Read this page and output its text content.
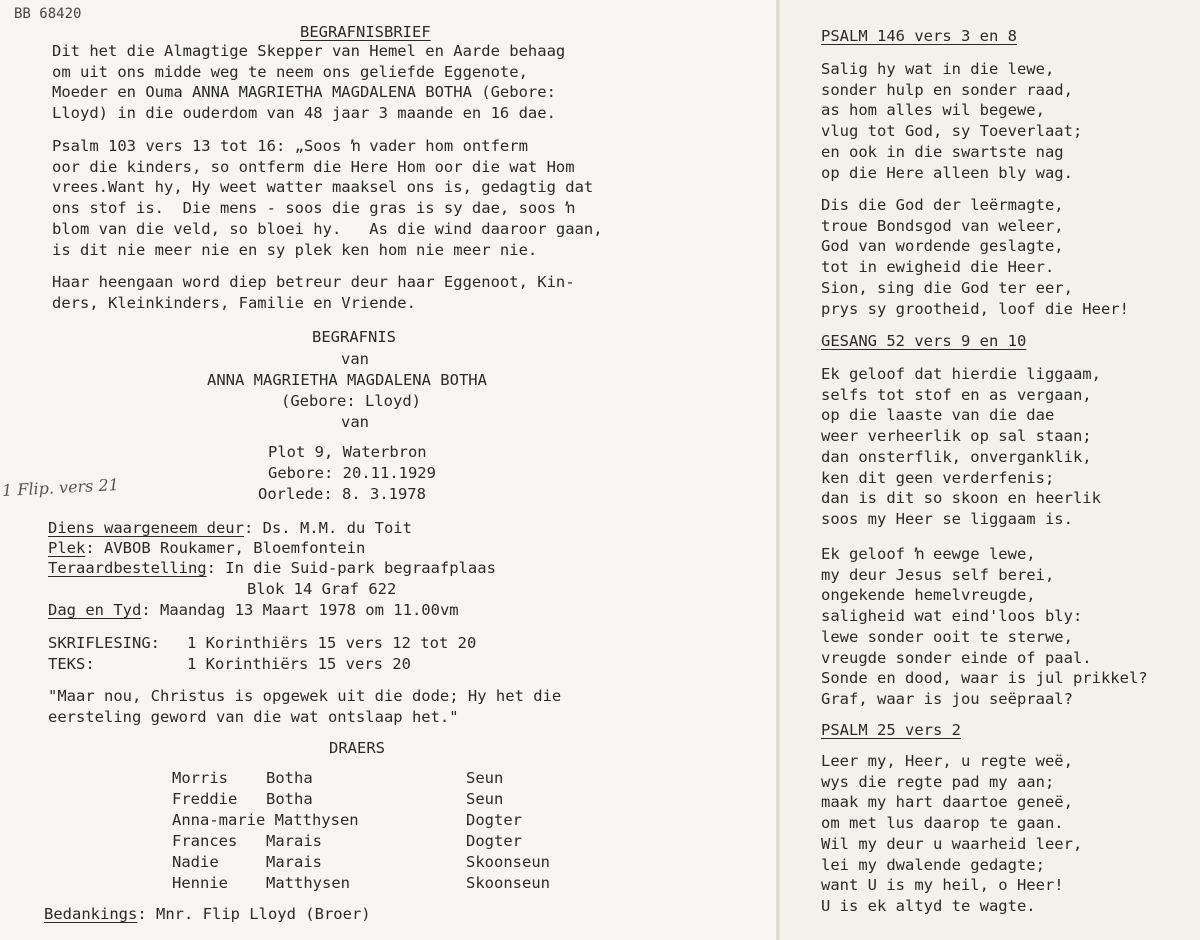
BB 68420
1 Flip. vers 21
BEGRAFNISBRIEF
Dit het die Almagtige Skepper van Hemel en Aarde behaag
om uit ons midde weg te neem ons geliefde Eggenote,
Moeder en Ouma ANNA MAGRIETHA MAGDALENA BOTHA (Gebore:
Lloyd) in die ouderdom van 48 jaar 3 maande en 16 dae.
Psalm 103 vers 13 tot 16: „Soos ŉ vader hom ontferm
oor die kinders, so ontferm die Here Hom oor die wat Hom
vrees.Want hy, Hy weet watter maaksel ons is, gedagtig dat
ons stof is.  Die mens - soos die gras is sy dae, soos ŉ
blom van die veld, so bloei hy.   As die wind daaroor gaan,
is dit nie meer nie en sy plek ken hom nie meer nie.
Haar heengaan word diep betreur deur haar Eggenoot, Kin-
ders, Kleinkinders, Familie en Vriende.
BEGRAFNIS
van
ANNA MAGRIETHA MAGDALENA BOTHA
(Gebore: Lloyd)
van
Plot 9, Waterbron
Gebore: 20.11.1929
Oorlede: 8. 3.1978
Diens waargeneem deur: Ds. M.M. du Toit
Plek: AVBOB Roukamer, Bloemfontein
Teraardbestelling: In die Suid-park begraafplaas
Blok 14 Graf 622
Dag en Tyd: Maandag 13 Maart 1978 om 11.00vm
SKRIFLESING: 1 Korinthiërs 15 vers 12 tot 20
TEKS:	1 Korinthiërs 15 vers 20
"Maar nou, Christus is opgewek uit die dode; Hy het die
eersteling geword van die wat ontslaap het."
DRAERS
Morris	Botha	Seun
Freddie	Botha	Seun
Anna-marie Matthysen		Dogter
Frances	Marais	Dogter
Nadie	Marais	Skoonseun
Hennie	Matthysen	Skoonseun
Bedankings: Mnr. Flip Lloyd (Broer)
PSALM 146 vers 3 en 8
Salig hy wat in die lewe,
sonder hulp en sonder raad,
as hom alles wil begewe,
vlug tot God, sy Toeverlaat;
en ook in die swartste nag
op die Here alleen bly wag.
Dis die God der leërmagte,
troue Bondsgod van weleer,
God van wordende geslagte,
tot in ewigheid die Heer.
Sion, sing die God ter eer,
prys sy grootheid, loof die Heer!
GESANG 52 vers 9 en 10
Ek geloof dat hierdie liggaam,
selfs tot stof en as vergaan,
op die laaste van die dae
weer verheerlik op sal staan;
dan onsterflik, onverganklik,
ken dit geen verderfenis;
dan is dit so skoon en heerlik
soos my Heer se liggaam is.
Ek geloof ŉ eewge lewe,
my deur Jesus self berei,
ongekende hemelvreugde,
saligheid wat eind'loos bly:
lewe sonder ooit te sterwe,
vreugde sonder einde of paal.
Sonde en dood, waar is jul prikkel?
Graf, waar is jou seëpraal?
PSALM 25 vers 2
Leer my, Heer, u regte weë,
wys die regte pad my aan;
maak my hart daartoe geneë,
om met lus daarop te gaan.
Wil my deur u waarheid leer,
lei my dwalende gedagte;
want U is my heil, o Heer!
U is ek altyd te wagte.
